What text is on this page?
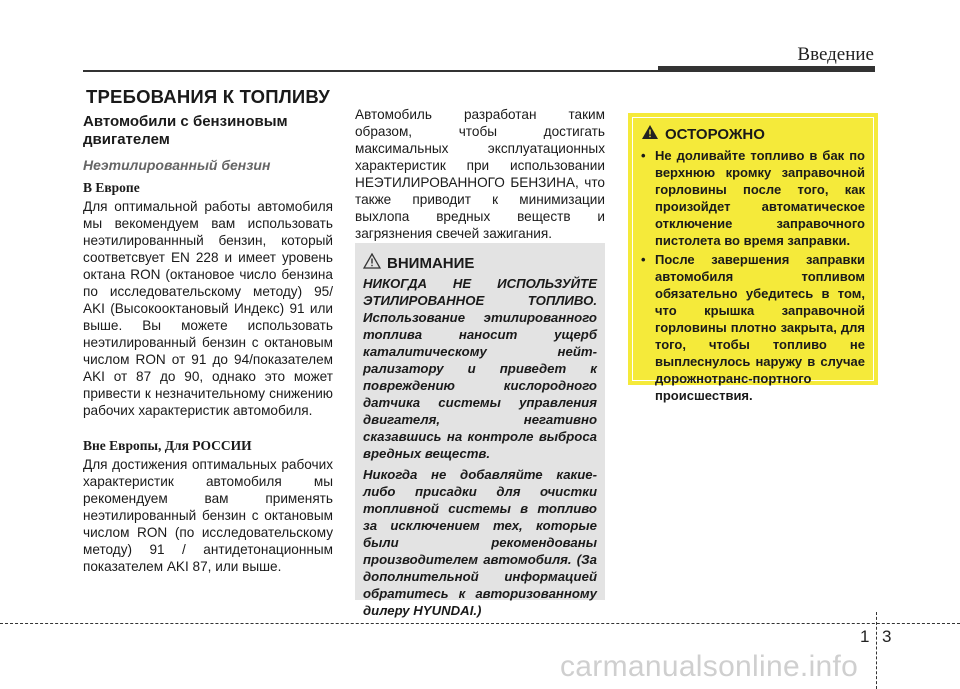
Введение
ТРЕБОВАНИЯ К ТОПЛИВУ
Автомобили с бензиновым двигателем
Неэтилированный бензин
В Европе

Для оптимальной работы автомобиля мы векомендуем вам использовать неэтилированнный бензин, который соответсвует EN 228 и имеет уровень октана RON (октановое число бензина по исследовательскому методу) 95/ AKI (Высокооктановый Индекс) 91 или выше. Вы можете использовать неэтилированный бензин с октановым числом RON от 91 до 94/показателем AKI от 87 до 90, однако это может привести к незначительному снижению рабочих характеристик автомобиля.

Вне Европы, Для РОССИИ

Для достижения оптимальных рабочих характеристик автомобиля мы рекомендуем вам применять неэтилированный бензин с октановым числом RON (по исследовательскому методу) 91 / антидетонационным показателем AKI 87, или выше.

Автомобиль разработан таким образом, чтобы достигать максимальных эксплуатационных характеристик при использовании НЕЭТИЛИРОВАННОГО БЕНЗИНА, что также приводит к минимизации выхлопа вредных веществ и загрязнения свечей зажигания.

ВНИМАНИЕ

НИКОГДА НЕ ИСПОЛЬЗУЙТЕ ЭТИЛИРОВАННОЕ ТОПЛИВО. Использование этилированного топлива наносит ущерб каталитическому нейт-рализатору и приведет к повреждению кислородного датчика системы управления двигателя, негативно сказавшись на контроле выброса вредных веществ.

Никогда не добавляйте какие-либо присадки для очистки топливной системы в топливо за исключением тех, которые были рекомендованы производителем автомобиля. (За дополнительной информацией обратитесь к авторизованному дилеру HYUNDAI.)

ОСТОРОЖНО
• Не доливайте топливо в бак по верхнюю кромку заправочной горловины после того, как произойдет автоматическое отключение заправочного пистолета во время заправки.
• После завершения заправки автомобиля топливом обязательно убедитесь в том, что крышка заправочной горловины плотно закрыта, для того, чтобы топливо не выплеснулось наружу в случае дорожнотранс-портного происшествия.
1 3
carmanualsonline.info
